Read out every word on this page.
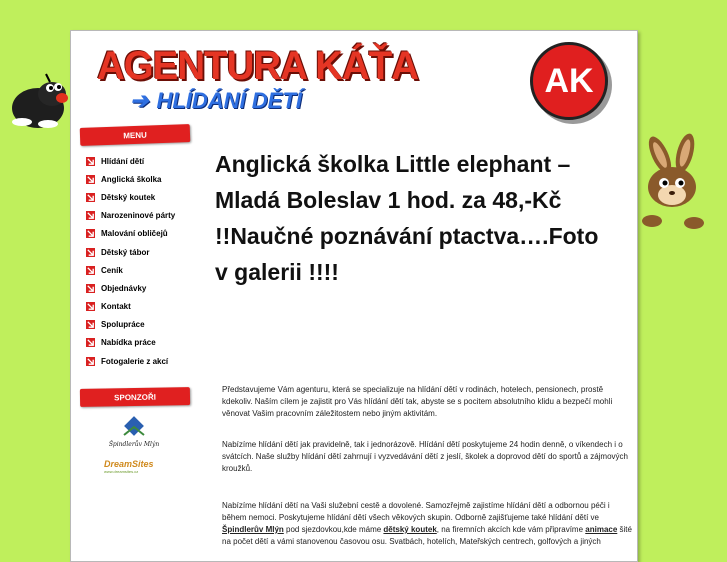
AGENTURA KÁŤA
➔ HLÍDÁNÍ DĚTÍ
AK
MENU
Hlídání dětí
Anglická školka
Dětský koutek
Narozeninové párty
Malování obličejů
Dětský tábor
Ceník
Objednávky
Kontakt
Spolupráce
Nabídka práce
Fotogalerie z akcí
SPONZOŘI
Špindlerův Mlýn
DreamSites
www.dreamsites.cz
Anglická školka Little elephant – Mladá Boleslav 1 hod. za 48,-Kč !!Naučné poznávání ptactva….Foto v galerii !!!!

Představujeme Vám agenturu, která se specializuje na hlídání dětí v rodinách, hotelech, pensionech, prostě kdekoliv. Naším cílem je zajistit pro Vás hlídání dětí tak, abyste se s pocitem absolutního klidu a bezpečí mohli věnovat Vašim pracovním záležitostem nebo jiným aktivitám.

Nabízíme hlídání dětí jak pravidelně, tak i jednorázově. Hlídání dětí poskytujeme 24 hodin denně, o víkendech i o svátcích. Naše služby hlídání dětí zahrnují i vyzvedávání dětí z jeslí, školek a doprovod dětí do sportů a zájmových kroužků.

Nabízíme hlídání dětí na Vaši služební cestě a dovolené. Samozřejmě zajistíme hlídání dětí a odbornou péči i během nemoci. Poskytujeme hlídání dětí všech věkových skupin. Odborně zajišťujeme také hlídání dětí ve Špindlerův Mlýn pod sjezdovkou,kde máme dětský koutek, na firemních akcích kde vám připravíme animace šité na počet dětí a vámi stanovenou časovou osu. Svatbách, hotelích, Mateřských centrech, golfových a jiných
